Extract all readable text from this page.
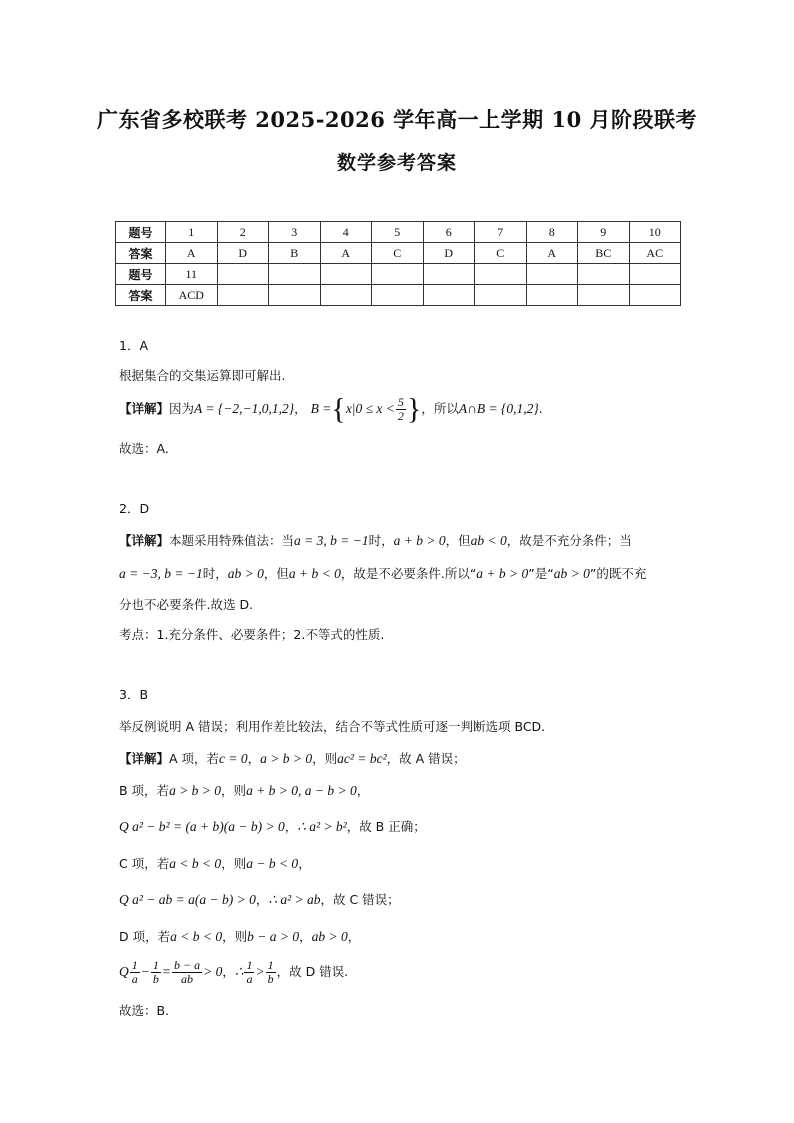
广东省多校联考 2025-2026 学年高一上学期 10 月阶段联考
数学参考答案
题号	1	2	3	4	5	6	7	8	9	10
答案	A	D	B	A	C	D	C	A	BC	AC
题号	11									
答案	ACD									
1．A
根据集合的交集运算即可解出.
【详解】因为A = {−2,−1,0,1,2}， $B =\{x|0 \le x < \frac{5}{2}$ }，所以A∩B = {0,1,2}.
故选：A.
2．D
【详解】本题采用特殊值法：当a = 3, b = −1时，a + b > 0，但ab < 0，故是不充分条件；当
a = −3, b = −1时，ab > 0，但a + b < 0，故是不必要条件.所以“a + b > 0”是“ab > 0”的既不充
分也不必要条件.故选 D.
考点：1.充分条件、必要条件；2.不等式的性质.
3．B
举反例说明 A 错误；利用作差比较法，结合不等式性质可逐一判断选项 BCD.
【详解】A 项，若c = 0，a > b > 0，则ac² = bc²，故 A 错误；
B 项，若a > b > 0，则a + b > 0, a − b > 0，
Q a² − b² = (a + b)(a − b) > 0，∴ a² > b²，故 B 正确；
C 项，若a < b < 0，则a − b < 0，
Q a² − ab = a(a − b) > 0，∴ a² > ab，故 C 错误；
D 项，若a < b < 0，则b − a > 0，ab > 0，
Q $\frac{1}{a} - \frac{1}{b} = \frac{b - a}{ab} > 0$，∴ $\frac{1}{a} > \frac{1}{b}$ ，故 D 错误.
故选：B.
